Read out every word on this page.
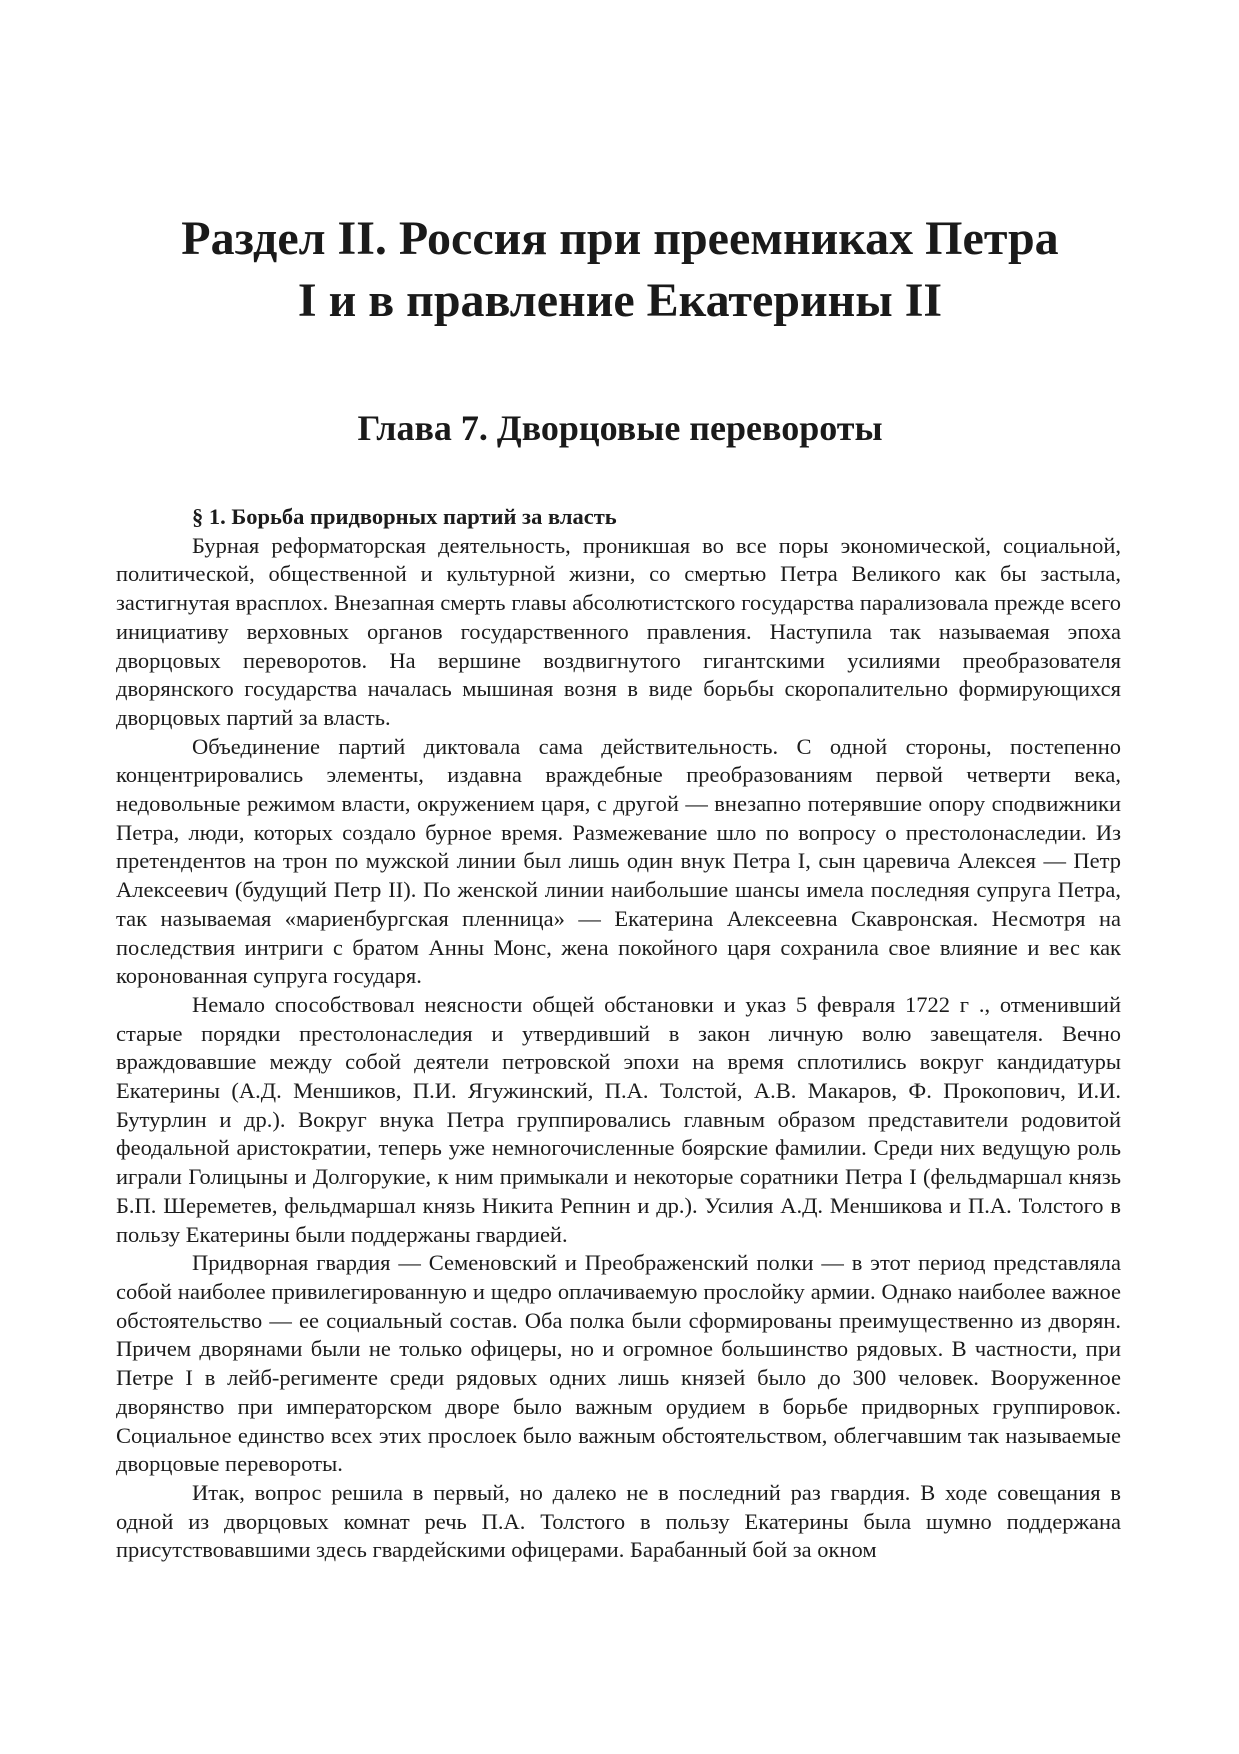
Раздел II. Россия при преемниках Петра
I и в правление Екатерины II
Глава 7. Дворцовые перевороты
§ 1. Борьба придворных партий за власть

Бурная реформаторская деятельность, проникшая во все поры экономической, социальной, политической, общественной и культурной жизни, со смертью Петра Великого как бы застыла, застигнутая врасплох. Внезапная смерть главы абсолютистского государства парализовала прежде всего инициативу верховных органов государственного правления. Наступила так называемая эпоха дворцовых переворотов. На вершине воздвигнутого гигантскими усилиями преобразователя дворянского государства началась мышиная возня в виде борьбы скоропалительно формирующихся дворцовых партий за власть.

Объединение партий диктовала сама действительность. С одной стороны, постепенно концентрировались элементы, издавна враждебные преобразованиям первой четверти века, недовольные режимом власти, окружением царя, с другой — внезапно потерявшие опору сподвижники Петра, люди, которых создало бурное время. Размежевание шло по вопросу о престолонаследии. Из претендентов на трон по мужской линии был лишь один внук Петра I, сын царевича Алексея — Петр Алексеевич (будущий Петр II). По женской линии наибольшие шансы имела последняя супруга Петра, так называемая «мариенбургская пленница» — Екатерина Алексеевна Скавронская. Несмотря на последствия интриги с братом Анны Монс, жена покойного царя сохранила свое влияние и вес как коронованная супруга государя.

Немало способствовал неясности общей обстановки и указ 5 февраля 1722 г ., отменивший старые порядки престолонаследия и утвердивший в закон личную волю завещателя. Вечно враждовавшие между собой деятели петровской эпохи на время сплотились вокруг кандидатуры Екатерины (А.Д. Меншиков, П.И. Ягужинский, П.А. Толстой, А.В. Макаров, Ф. Прокопович, И.И. Бутурлин и др.). Вокруг внука Петра группировались главным образом представители родовитой феодальной аристократии, теперь уже немногочисленные боярские фамилии. Среди них ведущую роль играли Голицыны и Долгорукие, к ним примыкали и некоторые соратники Петра I (фельдмаршал князь Б.П. Шереметев, фельдмаршал князь Никита Репнин и др.). Усилия А.Д. Меншикова и П.А. Толстого в пользу Екатерины были поддержаны гвардией.

Придворная гвардия — Семеновский и Преображенский полки — в этот период представляла собой наиболее привилегированную и щедро оплачиваемую прослойку армии. Однако наиболее важное обстоятельство — ее социальный состав. Оба полка были сформированы преимущественно из дворян. Причем дворянами были не только офицеры, но и огромное большинство рядовых. В частности, при Петре I в лейб-регименте среди рядовых одних лишь князей было до 300 человек. Вооруженное дворянство при императорском дворе было важным орудием в борьбе придворных группировок. Социальное единство всех этих прослоек было важным обстоятельством, облегчавшим так называемые дворцовые перевороты.

Итак, вопрос решила в первый, но далеко не в последний раз гвардия. В ходе совещания в одной из дворцовых комнат речь П.А. Толстого в пользу Екатерины была шумно поддержана присутствовавшими здесь гвардейскими офицерами. Барабанный бой за окном
